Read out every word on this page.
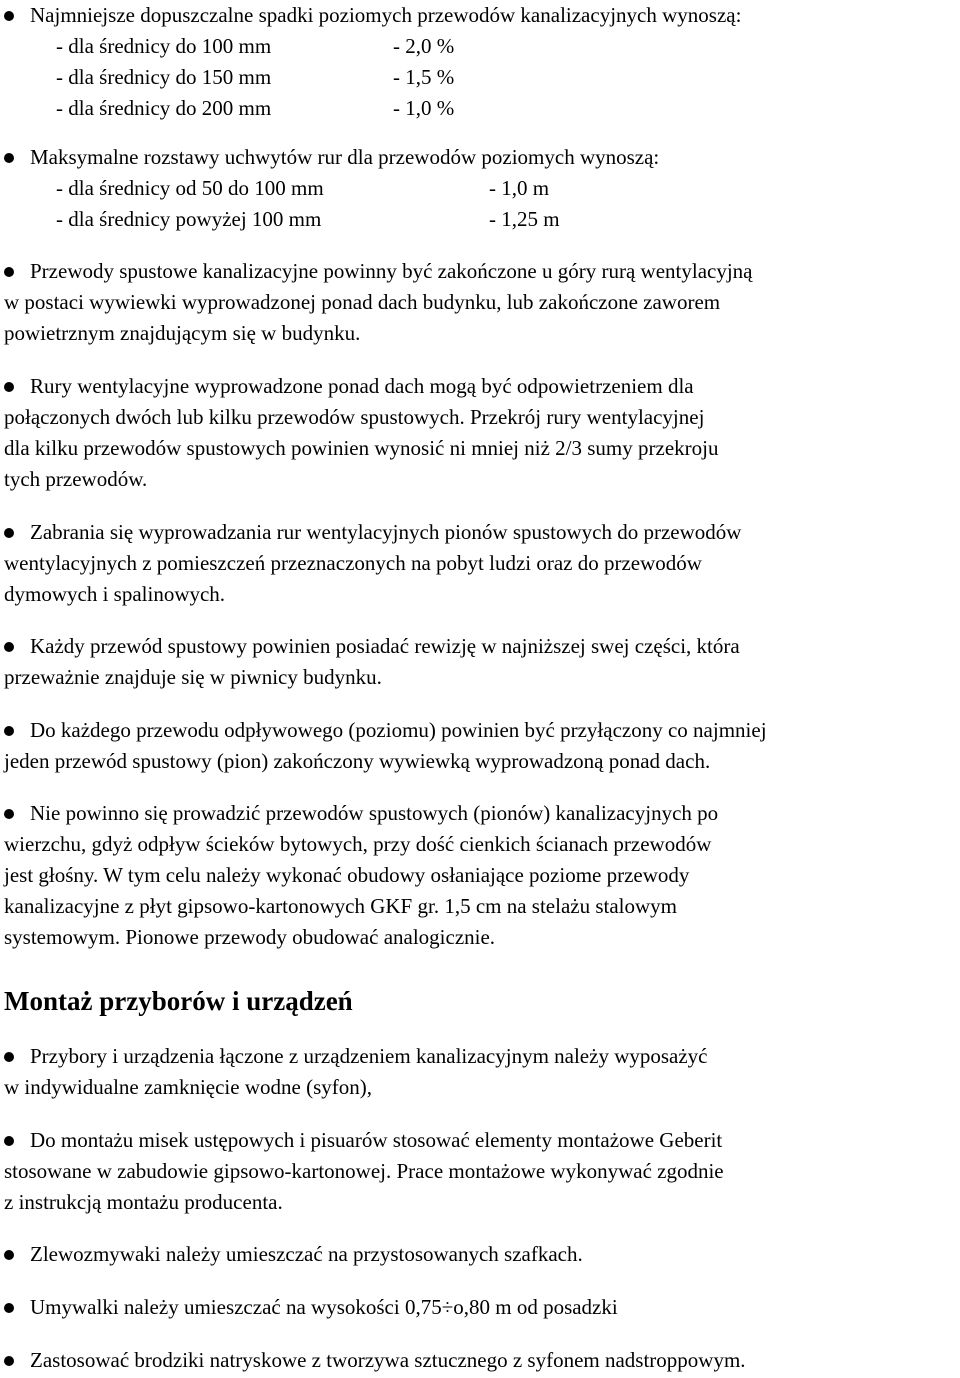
Najmniejsze dopuszczalne spadki poziomych przewodów kanalizacyjnych wynoszą:
- dla średnicy do 100 mm	- 2,0 %
- dla średnicy do 150 mm	- 1,5 %
- dla średnicy do 200 mm	- 1,0 %
Maksymalne rozstawy uchwytów rur dla przewodów poziomych wynoszą:
- dla średnicy od 50 do 100 mm	- 1,0 m
- dla średnicy powyżej 100 mm	- 1,25 m
Przewody spustowe kanalizacyjne powinny być zakończone u góry rurą wentylacyjną
w postaci wywiewki wyprowadzonej ponad dach budynku, lub zakończone zaworem
powietrznym znajdującym się w budynku.
Rury wentylacyjne wyprowadzone ponad dach mogą być odpowietrzeniem dla
połączonych dwóch lub kilku przewodów spustowych. Przekrój rury wentylacyjnej
dla kilku przewodów spustowych powinien wynosić ni mniej niż 2/3 sumy przekroju
tych przewodów.
Zabrania się wyprowadzania rur wentylacyjnych pionów spustowych do przewodów
wentylacyjnych z pomieszczeń przeznaczonych na pobyt ludzi oraz do przewodów
dymowych i spalinowych.
Każdy przewód spustowy powinien posiadać rewizję w najniższej swej części, która
przeważnie znajduje się w piwnicy budynku.
Do każdego przewodu odpływowego (poziomu) powinien być przyłączony co najmniej
jeden przewód spustowy (pion) zakończony wywiewką wyprowadzoną ponad dach.
Nie powinno się prowadzić przewodów spustowych (pionów) kanalizacyjnych po
wierzchu, gdyż odpływ ścieków bytowych, przy dość cienkich ścianach przewodów
jest głośny. W tym celu należy wykonać obudowy osłaniające poziome przewody
kanalizacyjne z płyt gipsowo-kartonowych GKF gr. 1,5 cm na stelażu stalowym
systemowym. Pionowe przewody obudować analogicznie.
Montaż przyborów i urządzeń
Przybory i urządzenia łączone z urządzeniem kanalizacyjnym należy wyposażyć
w indywidualne zamknięcie wodne (syfon),
Do montażu misek ustępowych i pisuarów stosować elementy montażowe Geberit
stosowane w zabudowie gipsowo-kartonowej. Prace montażowe wykonywać zgodnie
z instrukcją montażu producenta.
Zlewozmywaki należy umieszczać na przystosowanych szafkach.
Umywalki należy umieszczać na wysokości 0,75÷o,80 m od posadzki
Zastosować brodziki natryskowe z tworzywa sztucznego z syfonem nadstroppowym.
